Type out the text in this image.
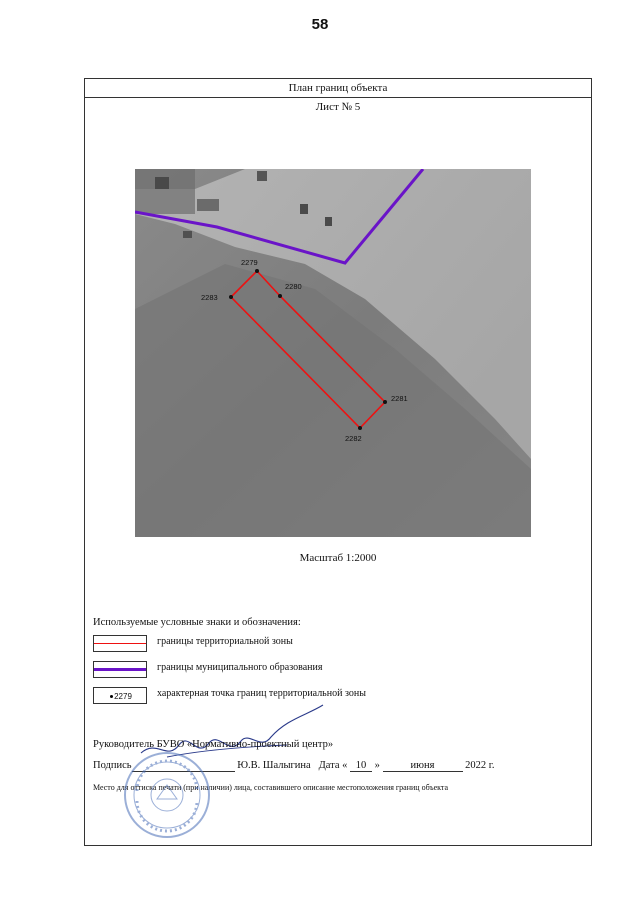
58
План границ объекта
Лист № 5
2279
2280
2281
2282
2283
Масштаб 1:2000
Используемые условные знаки и обозначения:
границы территориальной зоны
границы муниципального образования
2279	характерная точка границ территориальной зоны
Руководитель БУВО «Нормативно-проектный центр»
Подпись	Ю.В. Шалыгина Дата « 10 »	июня	2022 г.
Место для оттиска печати (при наличии) лица, составившего описание местоположения границ объекта
